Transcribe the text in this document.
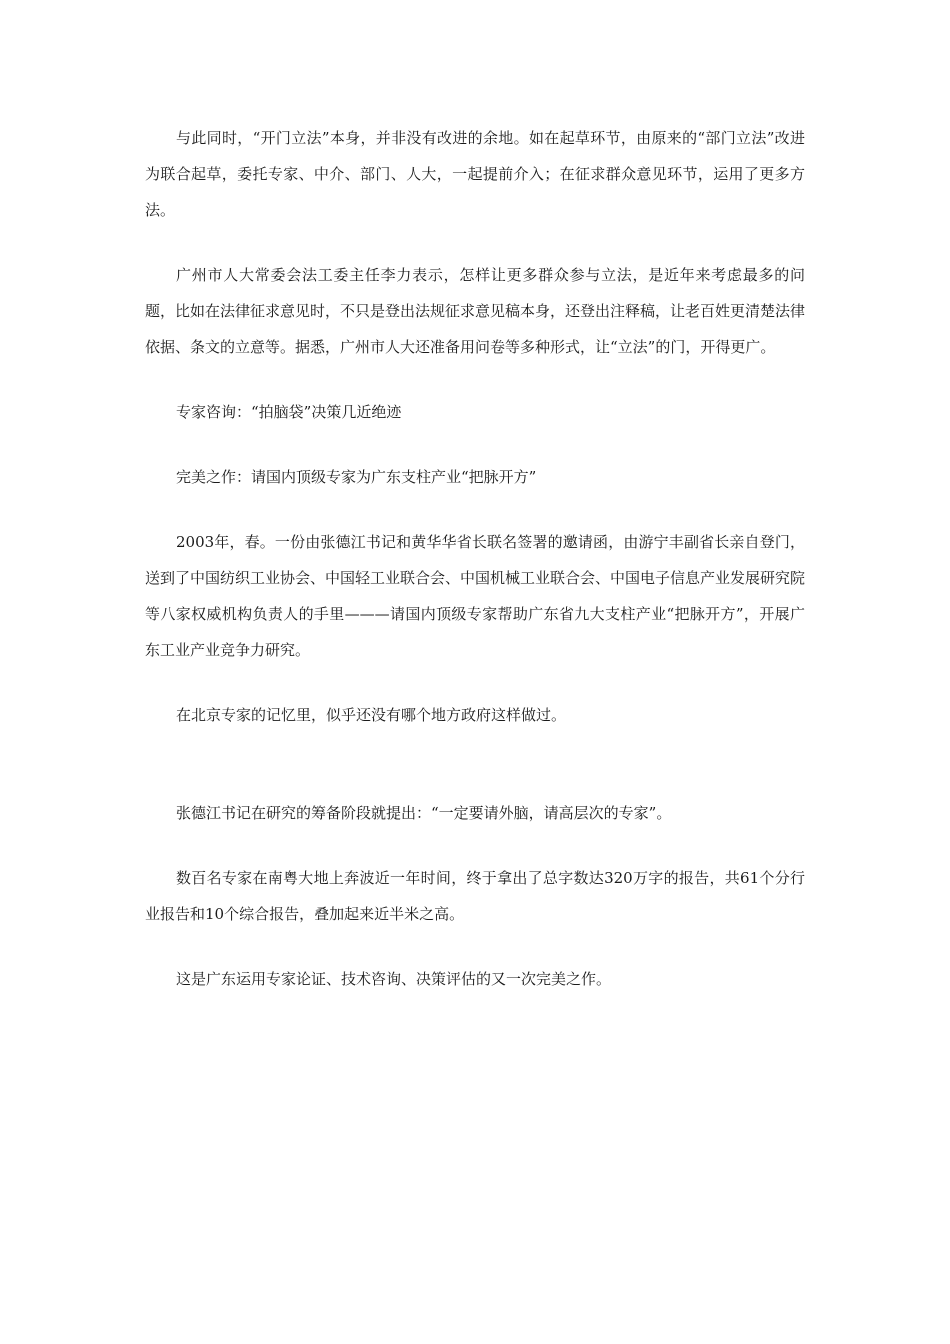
与此同时，“开门立法”本身，并非没有改进的余地。如在起草环节，由原来的“部门立法”改进为联合起草，委托专家、中介、部门、人大，一起提前介入；在征求群众意见环节，运用了更多方法。

广州市人大常委会法工委主任李力表示，怎样让更多群众参与立法，是近年来考虑最多的问题，比如在法律征求意见时，不只是登出法规征求意见稿本身，还登出注释稿，让老百姓更清楚法律依据、条文的立意等。据悉，广州市人大还准备用问卷等多种形式，让“立法”的门，开得更广。

专家咨询：“拍脑袋”决策几近绝迹

完美之作：请国内顶级专家为广东支柱产业“把脉开方”

2003年，春。一份由张德江书记和黄华华省长联名签署的邀请函，由游宁丰副省长亲自登门，送到了中国纺织工业协会、中国轻工业联合会、中国机械工业联合会、中国电子信息产业发展研究院等八家权威机构负责人的手里———请国内顶级专家帮助广东省九大支柱产业“把脉开方”，开展广东工业产业竞争力研究。

在北京专家的记忆里，似乎还没有哪个地方政府这样做过。

张德江书记在研究的筹备阶段就提出：“一定要请外脑，请高层次的专家”。

数百名专家在南粤大地上奔波近一年时间，终于拿出了总字数达320万字的报告，共61个分行业报告和10个综合报告，叠加起来近半米之高。

这是广东运用专家论证、技术咨询、决策评估的又一次完美之作。
